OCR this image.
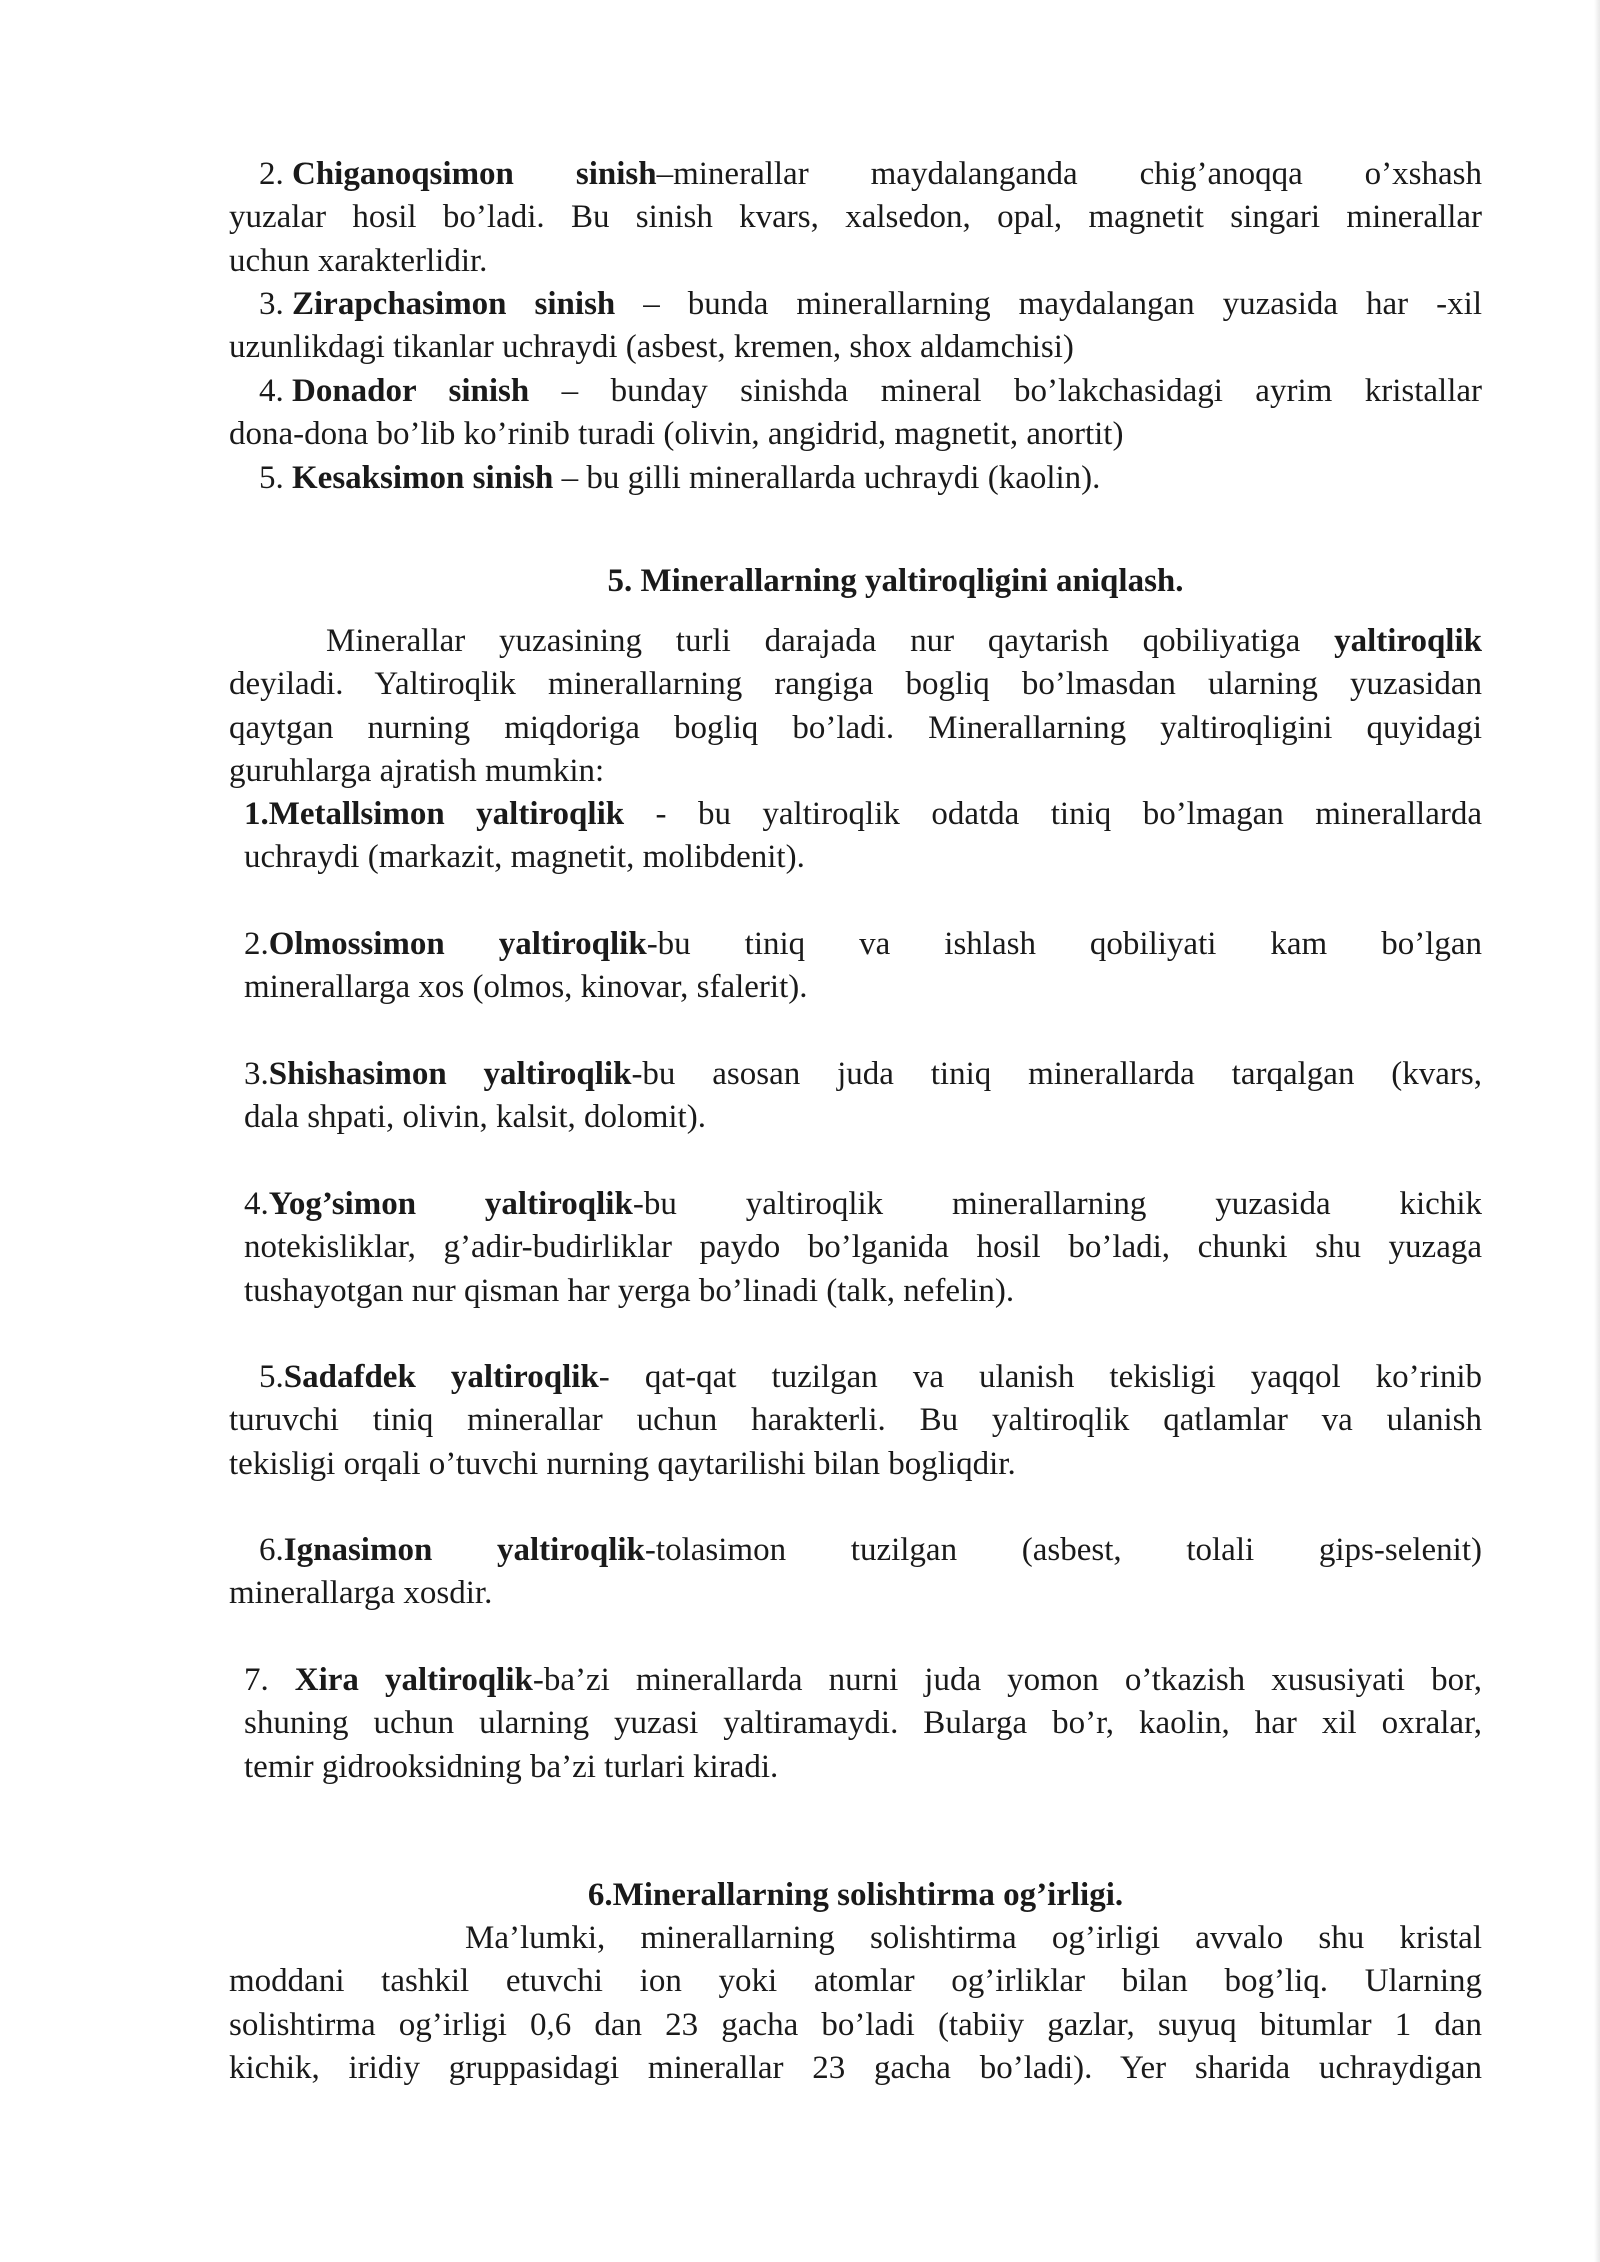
2. Chiganoqsimon sinish–minerallar maydalanganda chig’anoqqa o’xshash
yuzalar hosil bo’ladi. Bu sinish kvars, xalsedon, opal, magnetit singari minerallar
uchun xarakterlidir.
3. Zirapchasimon sinish – bunda minerallarning maydalangan yuzasida har -xil
uzunlikdagi tikanlar uchraydi (asbest, kremen, shox aldamchisi)
4. Donador sinish – bunday sinishda mineral bo’lakchasidagi ayrim kristallar
dona-dona bo’lib ko’rinib turadi (olivin, angidrid, magnetit, anortit)
5. Kesaksimon sinish – bu gilli minerallarda uchraydi (kaolin).
5. Minerallarning yaltiroqligini aniqlash.
Minerallar yuzasining turli darajada nur qaytarish qobiliyatiga yaltiroqlik
deyiladi. Yaltiroqlik minerallarning rangiga bogliq bo’lmasdan ularning yuzasidan
qaytgan nurning miqdoriga bogliq bo’ladi. Minerallarning yaltiroqligini quyidagi
guruhlarga ajratish mumkin:
1.Metallsimon yaltiroqlik - bu yaltiroqlik odatda tiniq bo’lmagan minerallarda
uchraydi (markazit, magnetit, molibdenit).
2.Olmossimon yaltiroqlik-bu tiniq va ishlash qobiliyati kam bo’lgan
minerallarga xos (olmos, kinovar, sfalerit).
3.Shishasimon yaltiroqlik-bu asosan juda tiniq minerallarda tarqalgan (kvars,
dala shpati, olivin, kalsit, dolomit).
4.Yog’simon yaltiroqlik-bu yaltiroqlik minerallarning yuzasida kichik
notekisliklar, g’adir-budirliklar paydo bo’lganida hosil bo’ladi, chunki shu yuzaga
tushayotgan nur qisman har yerga bo’linadi (talk, nefelin).
5.Sadafdek yaltiroqlik- qat-qat tuzilgan va ulanish tekisligi yaqqol ko’rinib
turuvchi tiniq minerallar uchun harakterli. Bu yaltiroqlik qatlamlar va ulanish
tekisligi orqali o’tuvchi nurning qaytarilishi bilan bogliqdir.
6.Ignasimon yaltiroqlik-tolasimon tuzilgan (asbest, tolali gips-selenit)
minerallarga xosdir.
7. Xira yaltiroqlik-ba’zi minerallarda nurni juda yomon o’tkazish xususiyati bor,
shuning uchun ularning yuzasi yaltiramaydi. Bularga bo’r, kaolin, har xil oxralar,
temir gidrooksidning ba’zi turlari kiradi.
6.Minerallarning solishtirma og’irligi.
Ma’lumki, minerallarning solishtirma og’irligi avvalo shu kristal
moddani tashkil etuvchi ion yoki atomlar og’irliklar bilan bog’liq. Ularning
solishtirma og’irligi 0,6 dan 23 gacha bo’ladi (tabiiy gazlar, suyuq bitumlar 1 dan
kichik, iridiy gruppasidagi minerallar 23 gacha bo’ladi). Yer sharida uchraydigan
